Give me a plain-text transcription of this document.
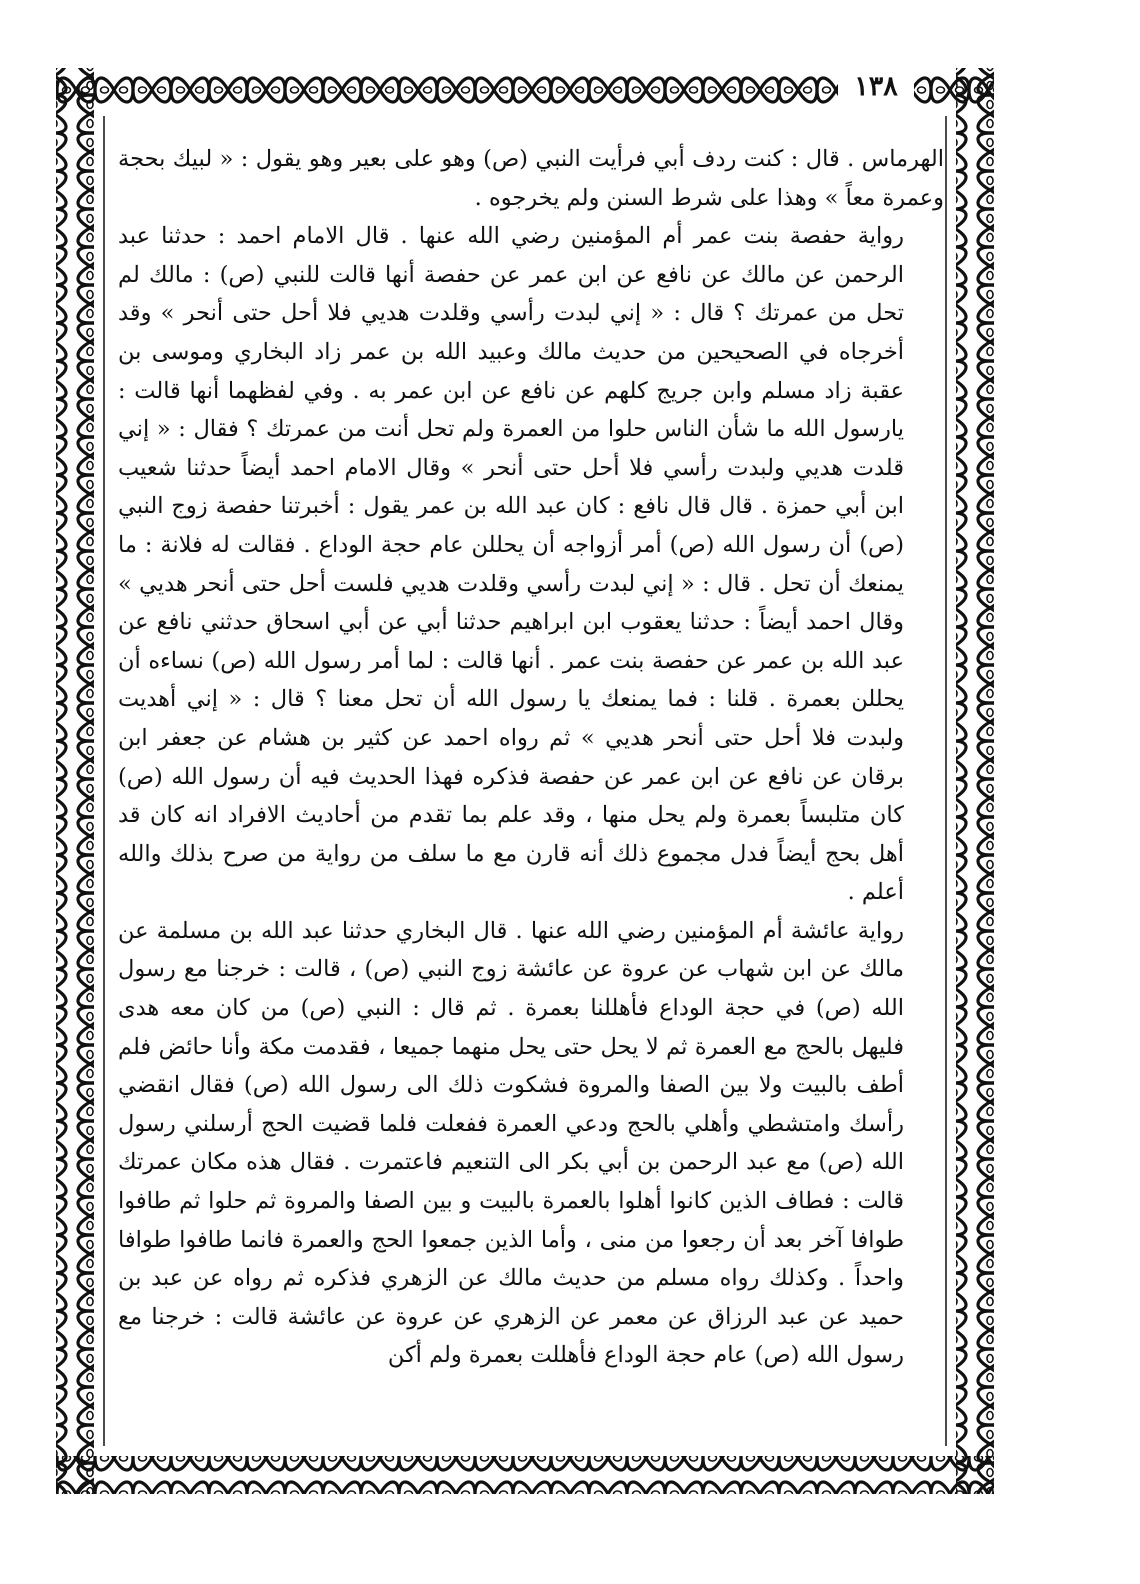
١٣٨

الهرماس . قال : كنت ردف أبي فرأيت النبي (ص) وهو على بعير وهو يقول : « لبيك بحجة وعمرة معاً » وهذا على شرط السنن ولم يخرجوه .

رواية حفصة بنت عمر أم المؤمنين رضي الله عنها . قال الامام احمد : حدثنا عبد الرحمن عن مالك عن نافع عن ابن عمر عن حفصة أنها قالت للنبي (ص) : مالك لم تحل من عمرتك ؟ قال : « إني لبدت رأسي وقلدت هديي فلا أحل حتى أنحر » وقد أخرجاه في الصحيحين من حديث مالك وعبيد الله بن عمر زاد البخاري وموسى بن عقبة زاد مسلم وابن جريج كلهم عن نافع عن ابن عمر به . وفي لفظهما أنها قالت : يارسول الله ما شأن الناس حلوا من العمرة ولم تحل أنت من عمرتك ؟ فقال : « إني قلدت هديي ولبدت رأسي فلا أحل حتى أنحر » وقال الامام احمد أيضاً حدثنا شعيب ابن أبي حمزة . قال قال نافع : كان عبد الله بن عمر يقول : أخبرتنا حفصة زوج النبي (ص) أن رسول الله (ص) أمر أزواجه أن يحللن عام حجة الوداع . فقالت له فلانة : ما يمنعك أن تحل . قال : « إني لبدت رأسي وقلدت هديي فلست أحل حتى أنحر هديي » وقال احمد أيضاً : حدثنا يعقوب ابن ابراهيم حدثنا أبي عن أبي اسحاق حدثني نافع عن عبد الله بن عمر عن حفصة بنت عمر . أنها قالت : لما أمر رسول الله (ص) نساءه أن يحللن بعمرة . قلنا : فما يمنعك يا رسول الله أن تحل معنا ؟ قال : « إني أهديت ولبدت فلا أحل حتى أنحر هديي » ثم رواه احمد عن كثير بن هشام عن جعفر ابن برقان عن نافع عن ابن عمر عن حفصة فذكره فهذا الحديث فيه أن رسول الله (ص) كان متلبساً بعمرة ولم يحل منها ، وقد علم بما تقدم من أحاديث الافراد انه كان قد أهل بحج أيضاً فدل مجموع ذلك أنه قارن مع ما سلف من رواية من صرح بذلك والله أعلم .

رواية عائشة أم المؤمنين رضي الله عنها . قال البخاري حدثنا عبد الله بن مسلمة عن مالك عن ابن شهاب عن عروة عن عائشة زوج النبي (ص) ، قالت : خرجنا مع رسول الله (ص) في حجة الوداع فأهللنا بعمرة . ثم قال : النبي (ص) من كان معه هدى فليهل بالحج مع العمرة ثم لا يحل حتى يحل منهما جميعا ، فقدمت مكة وأنا حائض فلم أطف بالبيت ولا بين الصفا والمروة فشكوت ذلك الى رسول الله (ص) فقال انقضي رأسك وامتشطي وأهلي بالحج ودعي العمرة ففعلت فلما قضيت الحج أرسلني رسول الله (ص) مع عبد الرحمن بن أبي بكر الى التنعيم فاعتمرت . فقال هذه مكان عمرتك قالت : فطاف الذين كانوا أهلوا بالعمرة بالبيت و بين الصفا والمروة ثم حلوا ثم طافوا طوافا آخر بعد أن رجعوا من منى ، وأما الذين جمعوا الحج والعمرة فانما طافوا طوافا واحداً . وكذلك رواه مسلم من حديث مالك عن الزهري فذكره ثم رواه عن عبد بن حميد عن عبد الرزاق عن معمر عن الزهري عن عروة عن عائشة قالت : خرجنا مع رسول الله (ص) عام حجة الوداع فأهللت بعمرة ولم أكن
